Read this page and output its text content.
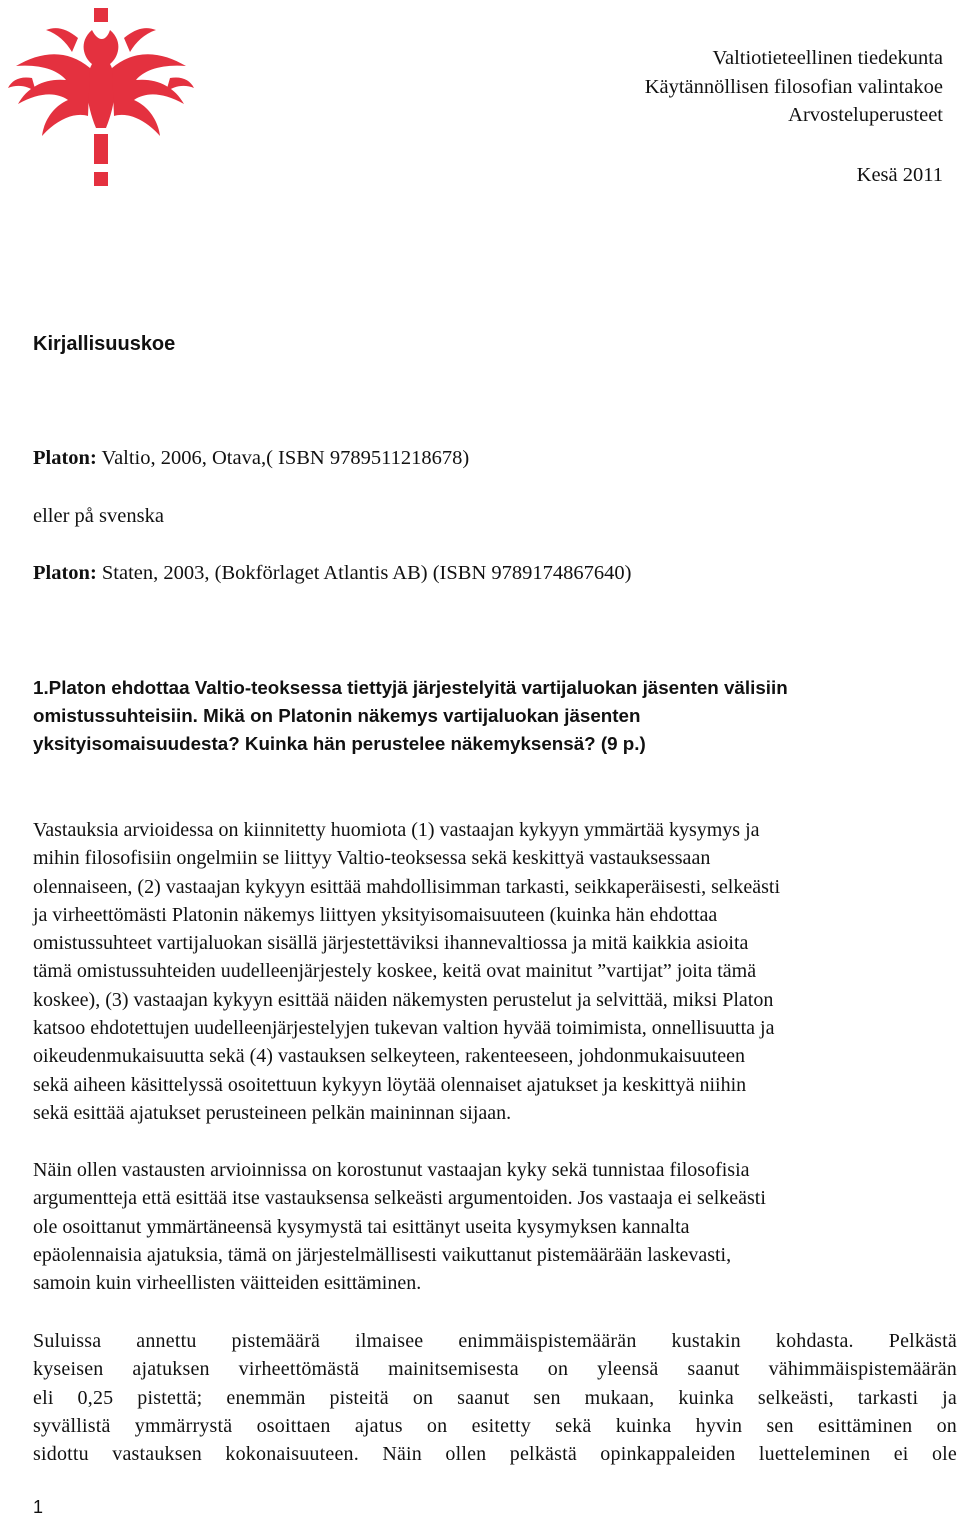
Valtiotieteellinen tiedekunta
Käytännöllisen filosofian valintakoe
Arvosteluperusteet
Kesä 2011
Kirjallisuuskoe
Platon: Valtio, 2006, Otava,( ISBN 9789511218678)
eller på svenska
Platon: Staten, 2003, (Bokförlaget Atlantis AB) (ISBN 9789174867640)
1.Platon ehdottaa Valtio-teoksessa tiettyjä järjestelyitä vartijaluokan jäsenten välisiin
omistussuhteisiin. Mikä on Platonin näkemys vartijaluokan jäsenten
yksityisomaisuudesta? Kuinka hän perustelee näkemyksensä? (9 p.)
Vastauksia arvioidessa on kiinnitetty huomiota (1) vastaajan kykyyn ymmärtää kysymys ja
mihin filosofisiin ongelmiin se liittyy Valtio-teoksessa sekä keskittyä vastauksessaan
olennaiseen, (2) vastaajan kykyyn esittää mahdollisimman tarkasti, seikkaperäisesti, selkeästi
ja virheettömästi Platonin näkemys liittyen yksityisomaisuuteen (kuinka hän ehdottaa
omistussuhteet vartijaluokan sisällä järjestettäviksi ihannevaltiossa ja mitä kaikkia asioita
tämä omistussuhteiden uudelleenjärjestely koskee, keitä ovat mainitut ”vartijat” joita tämä
koskee), (3) vastaajan kykyyn esittää näiden näkemysten perustelut ja selvittää, miksi Platon
katsoo ehdotettujen uudelleenjärjestelyjen tukevan valtion hyvää toimimista, onnellisuutta ja
oikeudenmukaisuutta sekä (4) vastauksen selkeyteen, rakenteeseen, johdonmukaisuuteen
sekä aiheen käsittelyssä osoitettuun kykyyn löytää olennaiset ajatukset ja keskittyä niihin
sekä esittää ajatukset perusteineen pelkän maininnan sijaan.
Näin ollen vastausten arvioinnissa on korostunut vastaajan kyky sekä tunnistaa filosofisia
argumentteja että esittää itse vastauksensa selkeästi argumentoiden. Jos vastaaja ei selkeästi
ole osoittanut ymmärtäneensä kysymystä tai esittänyt useita kysymyksen kannalta
epäolennaisia ajatuksia, tämä on järjestelmällisesti vaikuttanut pistemäärään laskevasti,
samoin kuin virheellisten väitteiden esittäminen.
Suluissa annettu pistemäärä ilmaisee enimmäispistemäärän kustakin kohdasta. Pelkästä
kyseisen ajatuksen virheettömästä mainitsemisesta on yleensä saanut vähimmäispistemäärän
eli 0,25 pistettä; enemmän pisteitä on saanut sen mukaan, kuinka selkeästi, tarkasti ja
syvällistä ymmärrystä osoittaen ajatus on esitetty sekä kuinka hyvin sen esittäminen on
sidottu vastauksen kokonaisuuteen. Näin ollen pelkästä opinkappaleiden luetteleminen ei ole
1
